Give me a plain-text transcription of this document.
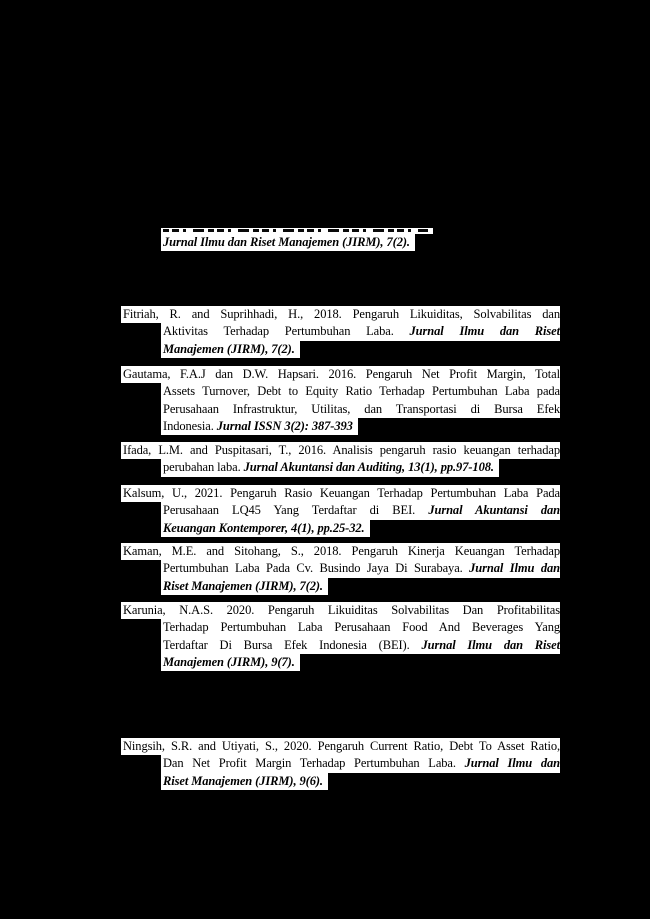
Jurnal Ilmu dan Riset Manajemen (JIRM), 7(2).
Fitriah, R. and Suprihhadi, H., 2018. Pengaruh Likuiditas, Solvabilitas dan
Aktivitas Terhadap Pertumbuhan Laba. Jurnal Ilmu dan Riset
Manajemen (JIRM), 7(2).
Gautama, F.A.J dan D.W. Hapsari. 2016. Pengaruh Net Profit Margin, Total
Assets Turnover, Debt to Equity Ratio Terhadap Pertumbuhan Laba pada
Perusahaan Infrastruktur, Utilitas, dan Transportasi di Bursa Efek
Indonesia. Jurnal ISSN 3(2): 387-393
Ifada, L.M. and Puspitasari, T., 2016. Analisis pengaruh rasio keuangan terhadap
perubahan laba. Jurnal Akuntansi dan Auditing, 13(1), pp.97-108.
Kalsum, U., 2021. Pengaruh Rasio Keuangan Terhadap Pertumbuhan Laba Pada
Perusahaan LQ45 Yang Terdaftar di BEI. Jurnal Akuntansi dan
Keuangan Kontemporer, 4(1), pp.25-32.
Kaman, M.E. and Sitohang, S., 2018. Pengaruh Kinerja Keuangan Terhadap
Pertumbuhan Laba Pada Cv. Busindo Jaya Di Surabaya. Jurnal Ilmu dan
Riset Manajemen (JIRM), 7(2).
Karunia, N.A.S. 2020. Pengaruh Likuiditas Solvabilitas Dan Profitabilitas
Terhadap Pertumbuhan Laba Perusahaan Food And Beverages Yang
Terdaftar Di Bursa Efek Indonesia (BEI). Jurnal Ilmu dan Riset
Manajemen (JIRM), 9(7).
Ningsih, S.R. and Utiyati, S., 2020. Pengaruh Current Ratio, Debt To Asset Ratio,
Dan Net Profit Margin Terhadap Pertumbuhan Laba. Jurnal Ilmu dan
Riset Manajemen (JIRM), 9(6).
